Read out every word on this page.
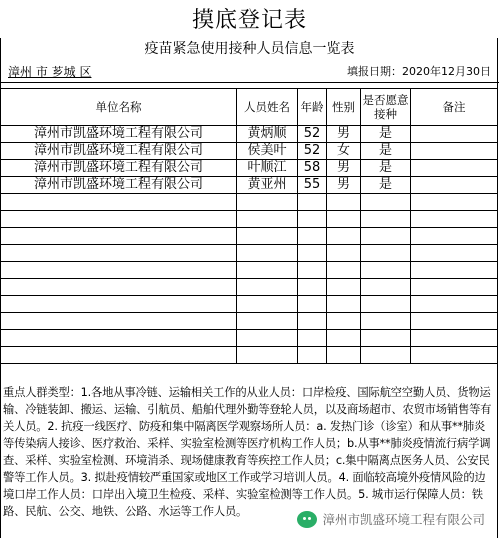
摸底登记表
疫苗紧急使用接种人员信息一览表
漳州 市 芗城 区	填报日期：2020年12月30日
单位名称	人员姓名	年龄	性别	是否愿意接种	备注
漳州市凯盛环境工程有限公司	黄炳顺	52	男	是	
漳州市凯盛环境工程有限公司	侯美叶	52	女	是	
漳州市凯盛环境工程有限公司	叶顺江	58	男	是	
漳州市凯盛环境工程有限公司	黄亚州	55	男	是	

重点人群类型：1.各地从事冷链、运输相关工作的从业人员：口岸检疫、国际航空空勤人员、货物运输、冷链装卸、搬运、运输、引航员、船舶代理外勤等登轮人员，以及商场超市、农贸市场销售等有关人员。2. 抗疫一线医疗、防疫和集中隔离医学观察场所人员：a. 发热门诊（诊室）和从事**肺炎等传染病人接诊、医疗救治、采样、实验室检测等医疗机构工作人员；b.从事**肺炎疫情流行病学调查、采样、实验室检测、环境消杀、现场健康教育等疾控工作人员；c.集中隔离点医务人员、公安民警等工作人员。3. 拟赴疫情较严重国家或地区工作或学习培训人员。4. 面临较高境外疫情风险的边境口岸工作人员：口岸出入境卫生检疫、采样、实验室检测等工作人员。5. 城市运行保障人员：铁路、民航、公交、地铁、公路、水运等工作人员。
漳州市凯盛环境工程有限公司
